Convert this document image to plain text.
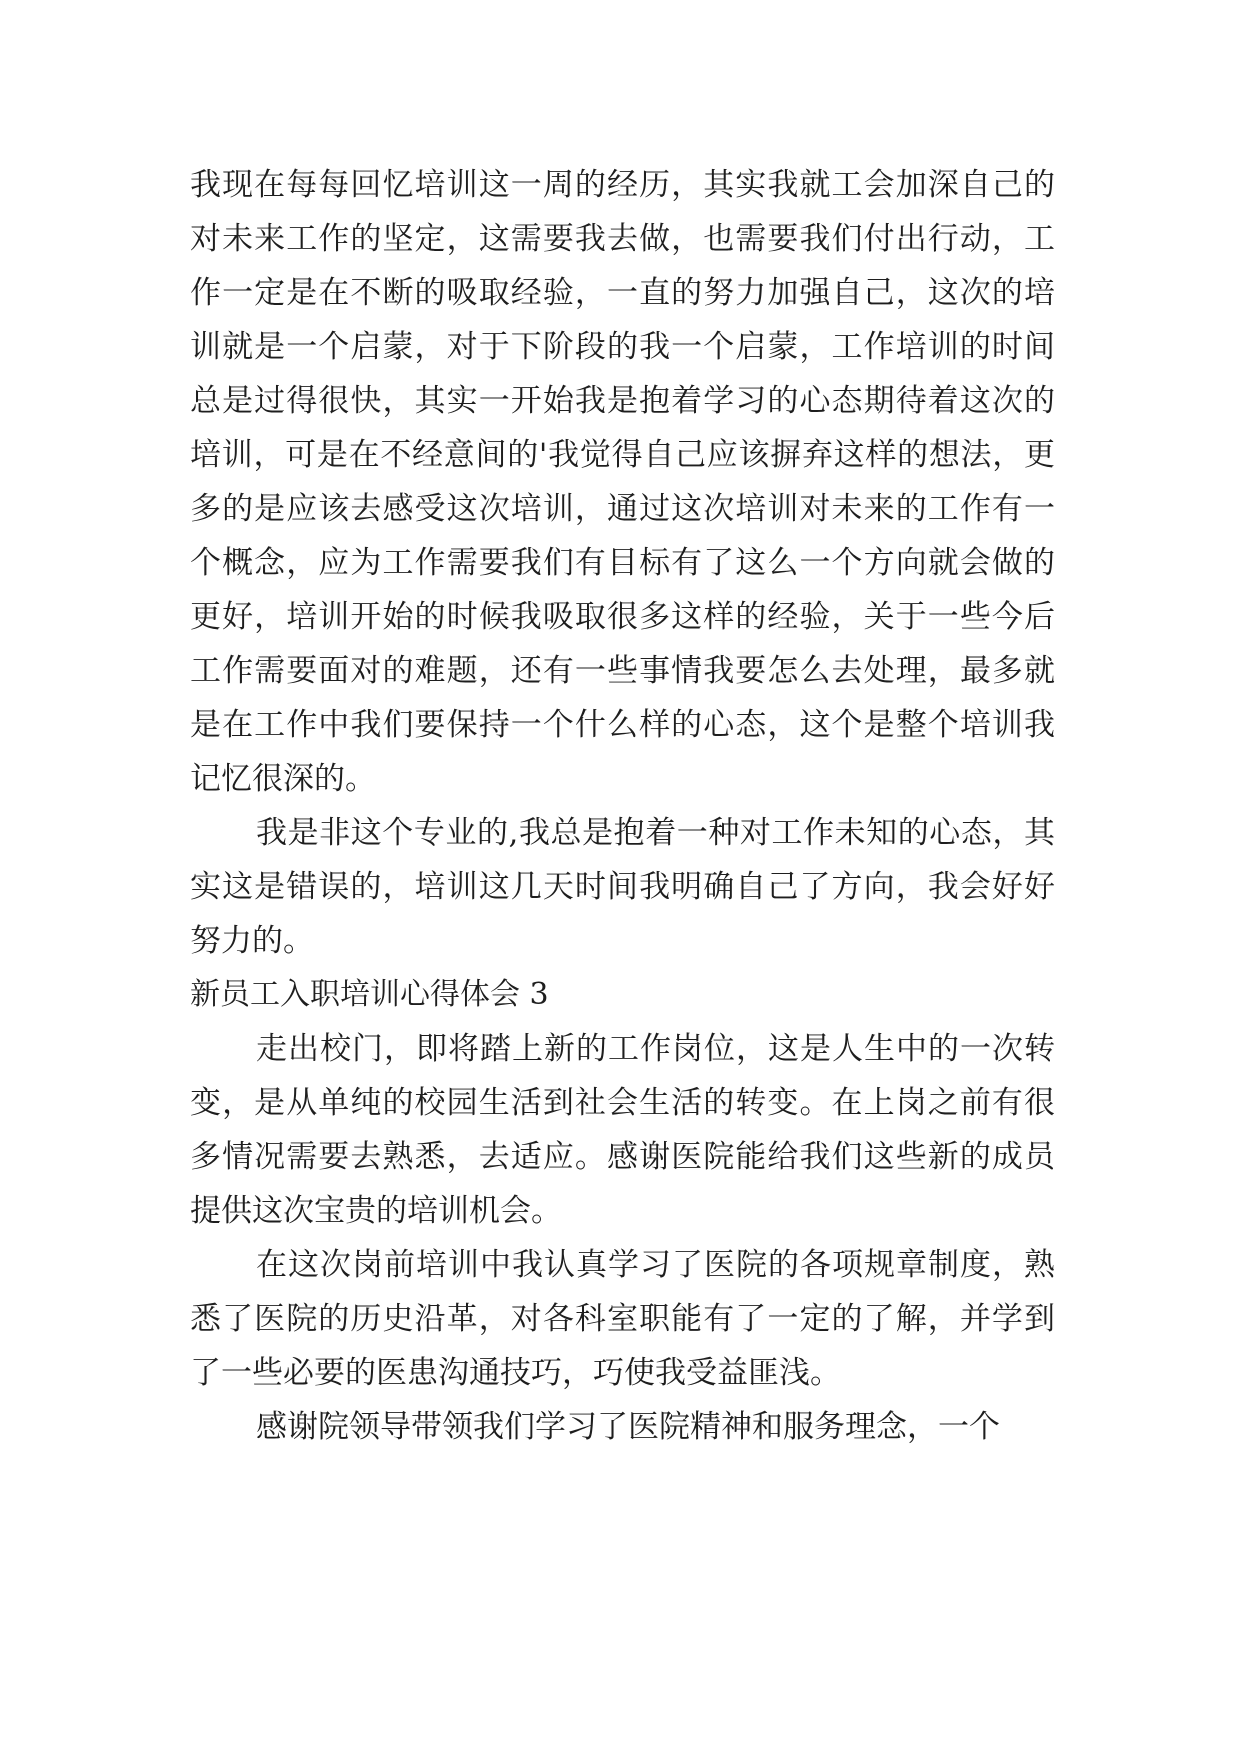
我现在每每回忆培训这一周的经历，其实我就工会加深自己的对未来工作的坚定，这需要我去做，也需要我们付出行动，工作一定是在不断的吸取经验，一直的努力加强自己，这次的培训就是一个启蒙，对于下阶段的我一个启蒙，工作培训的时间总是过得很快，其实一开始我是抱着学习的心态期待着这次的培训，可是在不经意间的'我觉得自己应该摒弃这样的想法，更多的是应该去感受这次培训，通过这次培训对未来的工作有一个概念，应为工作需要我们有目标有了这么一个方向就会做的更好，培训开始的时候我吸取很多这样的经验，关于一些今后工作需要面对的难题，还有一些事情我要怎么去处理，最多就是在工作中我们要保持一个什么样的心态，这个是整个培训我记忆很深的。

我是非这个专业的,我总是抱着一种对工作未知的心态，其实这是错误的，培训这几天时间我明确自己了方向，我会好好努力的。

新员工入职培训心得体会 3

走出校门，即将踏上新的工作岗位，这是人生中的一次转变，是从单纯的校园生活到社会生活的转变。在上岗之前有很多情况需要去熟悉，去适应。感谢医院能给我们这些新的成员提供这次宝贵的培训机会。

在这次岗前培训中我认真学习了医院的各项规章制度，熟悉了医院的历史沿革，对各科室职能有了一定的了解，并学到了一些必要的医患沟通技巧，巧使我受益匪浅。

感谢院领导带领我们学习了医院精神和服务理念，一个
